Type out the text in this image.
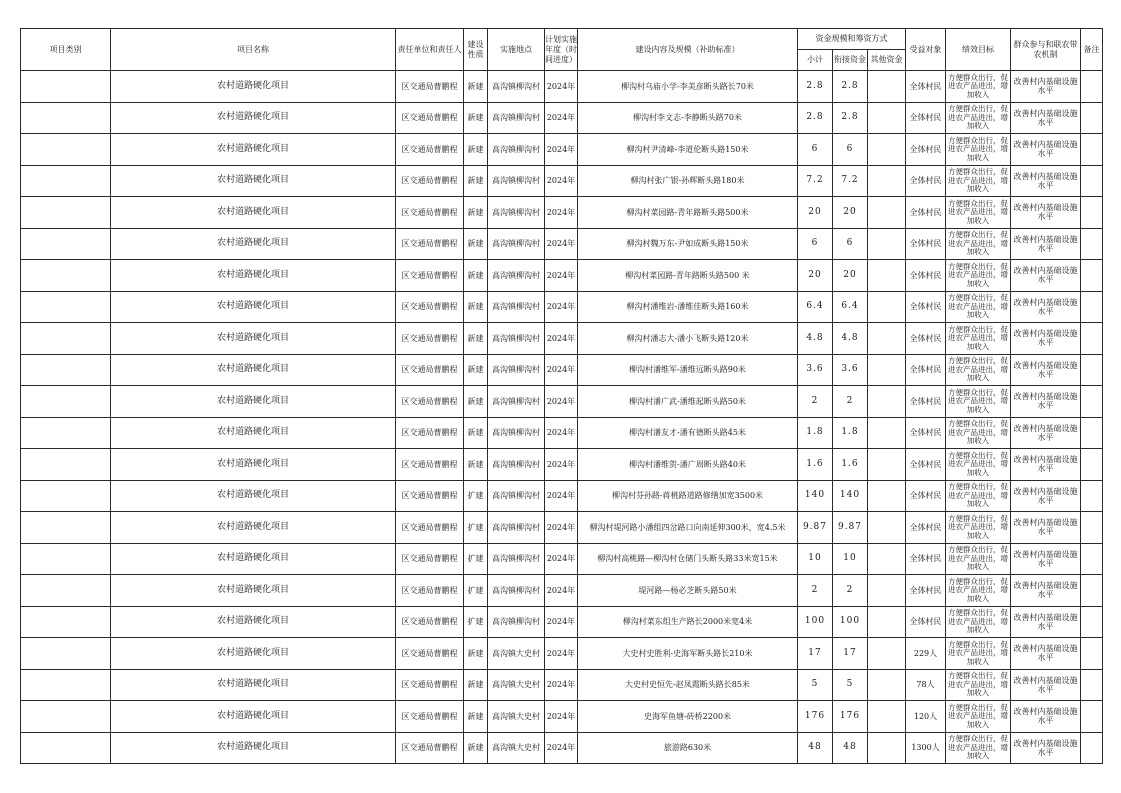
项目类别	项目名称	责任单位和责任人	建设性质	实施地点	计划实施年度（时间进度）	建设内容及规模（补助标准）	资金规模和筹资方式			受益对象	绩效目标	群众参与和联农带农机制	备注
							小计	衔接资金	其他资金				
	农村道路硬化项目	区交通局曹鹏程	新建	高沟镇柳沟村	2024年	柳沟村乌庙小学-李美彦断头路长70米	2.8	2.8		全体村民	方便群众出行，促进农产品进出，增加收入	改善村内基础设施水平	
	农村道路硬化项目	区交通局曹鹏程	新建	高沟镇柳沟村	2024年	柳沟村李文志-李静断头路70米	2.8	2.8		全体村民	方便群众出行，促进农产品进出，增加收入	改善村内基础设施水平	
	农村道路硬化项目	区交通局曹鹏程	新建	高沟镇柳沟村	2024年	柳沟村尹清峰-李道伦断头路150米	6	6		全体村民	方便群众出行，促进农产品进出，增加收入	改善村内基础设施水平	
	农村道路硬化项目	区交通局曹鹏程	新建	高沟镇柳沟村	2024年	柳沟村张广银-孙辉断头路180米	7.2	7.2		全体村民	方便群众出行，促进农产品进出，增加收入	改善村内基础设施水平	
	农村道路硬化项目	区交通局曹鹏程	新建	高沟镇柳沟村	2024年	柳沟村菜园路-青年路断头路500米	20	20		全体村民	方便群众出行，促进农产品进出，增加收入	改善村内基础设施水平	
	农村道路硬化项目	区交通局曹鹏程	新建	高沟镇柳沟村	2024年	柳沟村魏万东-尹如成断头路150米	6	6		全体村民	方便群众出行，促进农产品进出，增加收入	改善村内基础设施水平	
	农村道路硬化项目	区交通局曹鹏程	新建	高沟镇柳沟村	2024年	柳沟村菜园路-青年路断头路500 米	20	20		全体村民	方便群众出行，促进农产品进出，增加收入	改善村内基础设施水平	
	农村道路硬化项目	区交通局曹鹏程	新建	高沟镇柳沟村	2024年	柳沟村潘维岩-潘维佳断头路160米	6.4	6.4		全体村民	方便群众出行，促进农产品进出，增加收入	改善村内基础设施水平	
	农村道路硬化项目	区交通局曹鹏程	新建	高沟镇柳沟村	2024年	柳沟村潘志大-潘小飞断头路120米	4.8	4.8		全体村民	方便群众出行，促进农产品进出，增加收入	改善村内基础设施水平	
	农村道路硬化项目	区交通局曹鹏程	新建	高沟镇柳沟村	2024年	柳沟村潘维军-潘维远断头路90米	3.6	3.6		全体村民	方便群众出行，促进农产品进出，增加收入	改善村内基础设施水平	
	农村道路硬化项目	区交通局曹鹏程	新建	高沟镇柳沟村	2024年	柳沟村潘广武-潘维起断头路50米	2	2		全体村民	方便群众出行，促进农产品进出，增加收入	改善村内基础设施水平	
	农村道路硬化项目	区交通局曹鹏程	新建	高沟镇柳沟村	2024年	柳沟村潘友才-潘有德断头路45米	1.8	1.8		全体村民	方便群众出行，促进农产品进出，增加收入	改善村内基础设施水平	
	农村道路硬化项目	区交通局曹鹏程	新建	高沟镇柳沟村	2024年	柳沟村潘维贺-潘广周断头路40米	1.6	1.6		全体村民	方便群众出行，促进农产品进出，增加收入	改善村内基础设施水平	
	农村道路硬化项目	区交通局曹鹏程	扩建	高沟镇柳沟村	2024年	柳沟村芬孙路-蒋桃路道路修缮加宽3500米	140	140		全体村民	方便群众出行，促进农产品进出，增加收入	改善村内基础设施水平	
	农村道路硬化项目	区交通局曹鹏程	扩建	高沟镇柳沟村	2024年	柳沟村堤河路小潘组四岔路口向南延伸300米，宽4.5米	9.87	9.87		全体村民	方便群众出行，促进农产品进出，增加收入	改善村内基础设施水平	
	农村道路硬化项目	区交通局曹鹏程	扩建	高沟镇柳沟村	2024年	柳沟村高桃路—柳沟村仓储门头断头路33米宽15米	10	10		全体村民	方便群众出行，促进农产品进出，增加收入	改善村内基础设施水平	
	农村道路硬化项目	区交通局曹鹏程	扩建	高沟镇柳沟村	2024年	堤河路—杨必芝断头路50米	2	2		全体村民	方便群众出行，促进农产品进出，增加收入	改善村内基础设施水平	
	农村道路硬化项目	区交通局曹鹏程	扩建	高沟镇柳沟村	2024年	柳沟村菜东组生产路长2000米宽4米	100	100		全体村民	方便群众出行，促进农产品进出，增加收入	改善村内基础设施水平	
	农村道路硬化项目	区交通局曹鹏程	新建	高沟镇大史村	2024年	大史村史胜利-史海军断头路长210米	17	17		229人	方便群众出行，促进农产品进出，增加收入	改善村内基础设施水平	
	农村道路硬化项目	区交通局曹鹏程	新建	高沟镇大史村	2024年	大史村史恒先-赵凤霞断头路长85米	5	5		78人	方便群众出行，促进农产品进出，增加收入	改善村内基础设施水平	
	农村道路硬化项目	区交通局曹鹏程	新建	高沟镇大史村	2024年	史海军鱼塘-砖桥2200米	176	176		120人	方便群众出行，促进农产品进出，增加收入	改善村内基础设施水平	
	农村道路硬化项目	区交通局曹鹏程	新建	高沟镇大史村	2024年	旅游路630米	48	48		1300人	方便群众出行，促进农产品进出，增加收入	改善村内基础设施水平	
